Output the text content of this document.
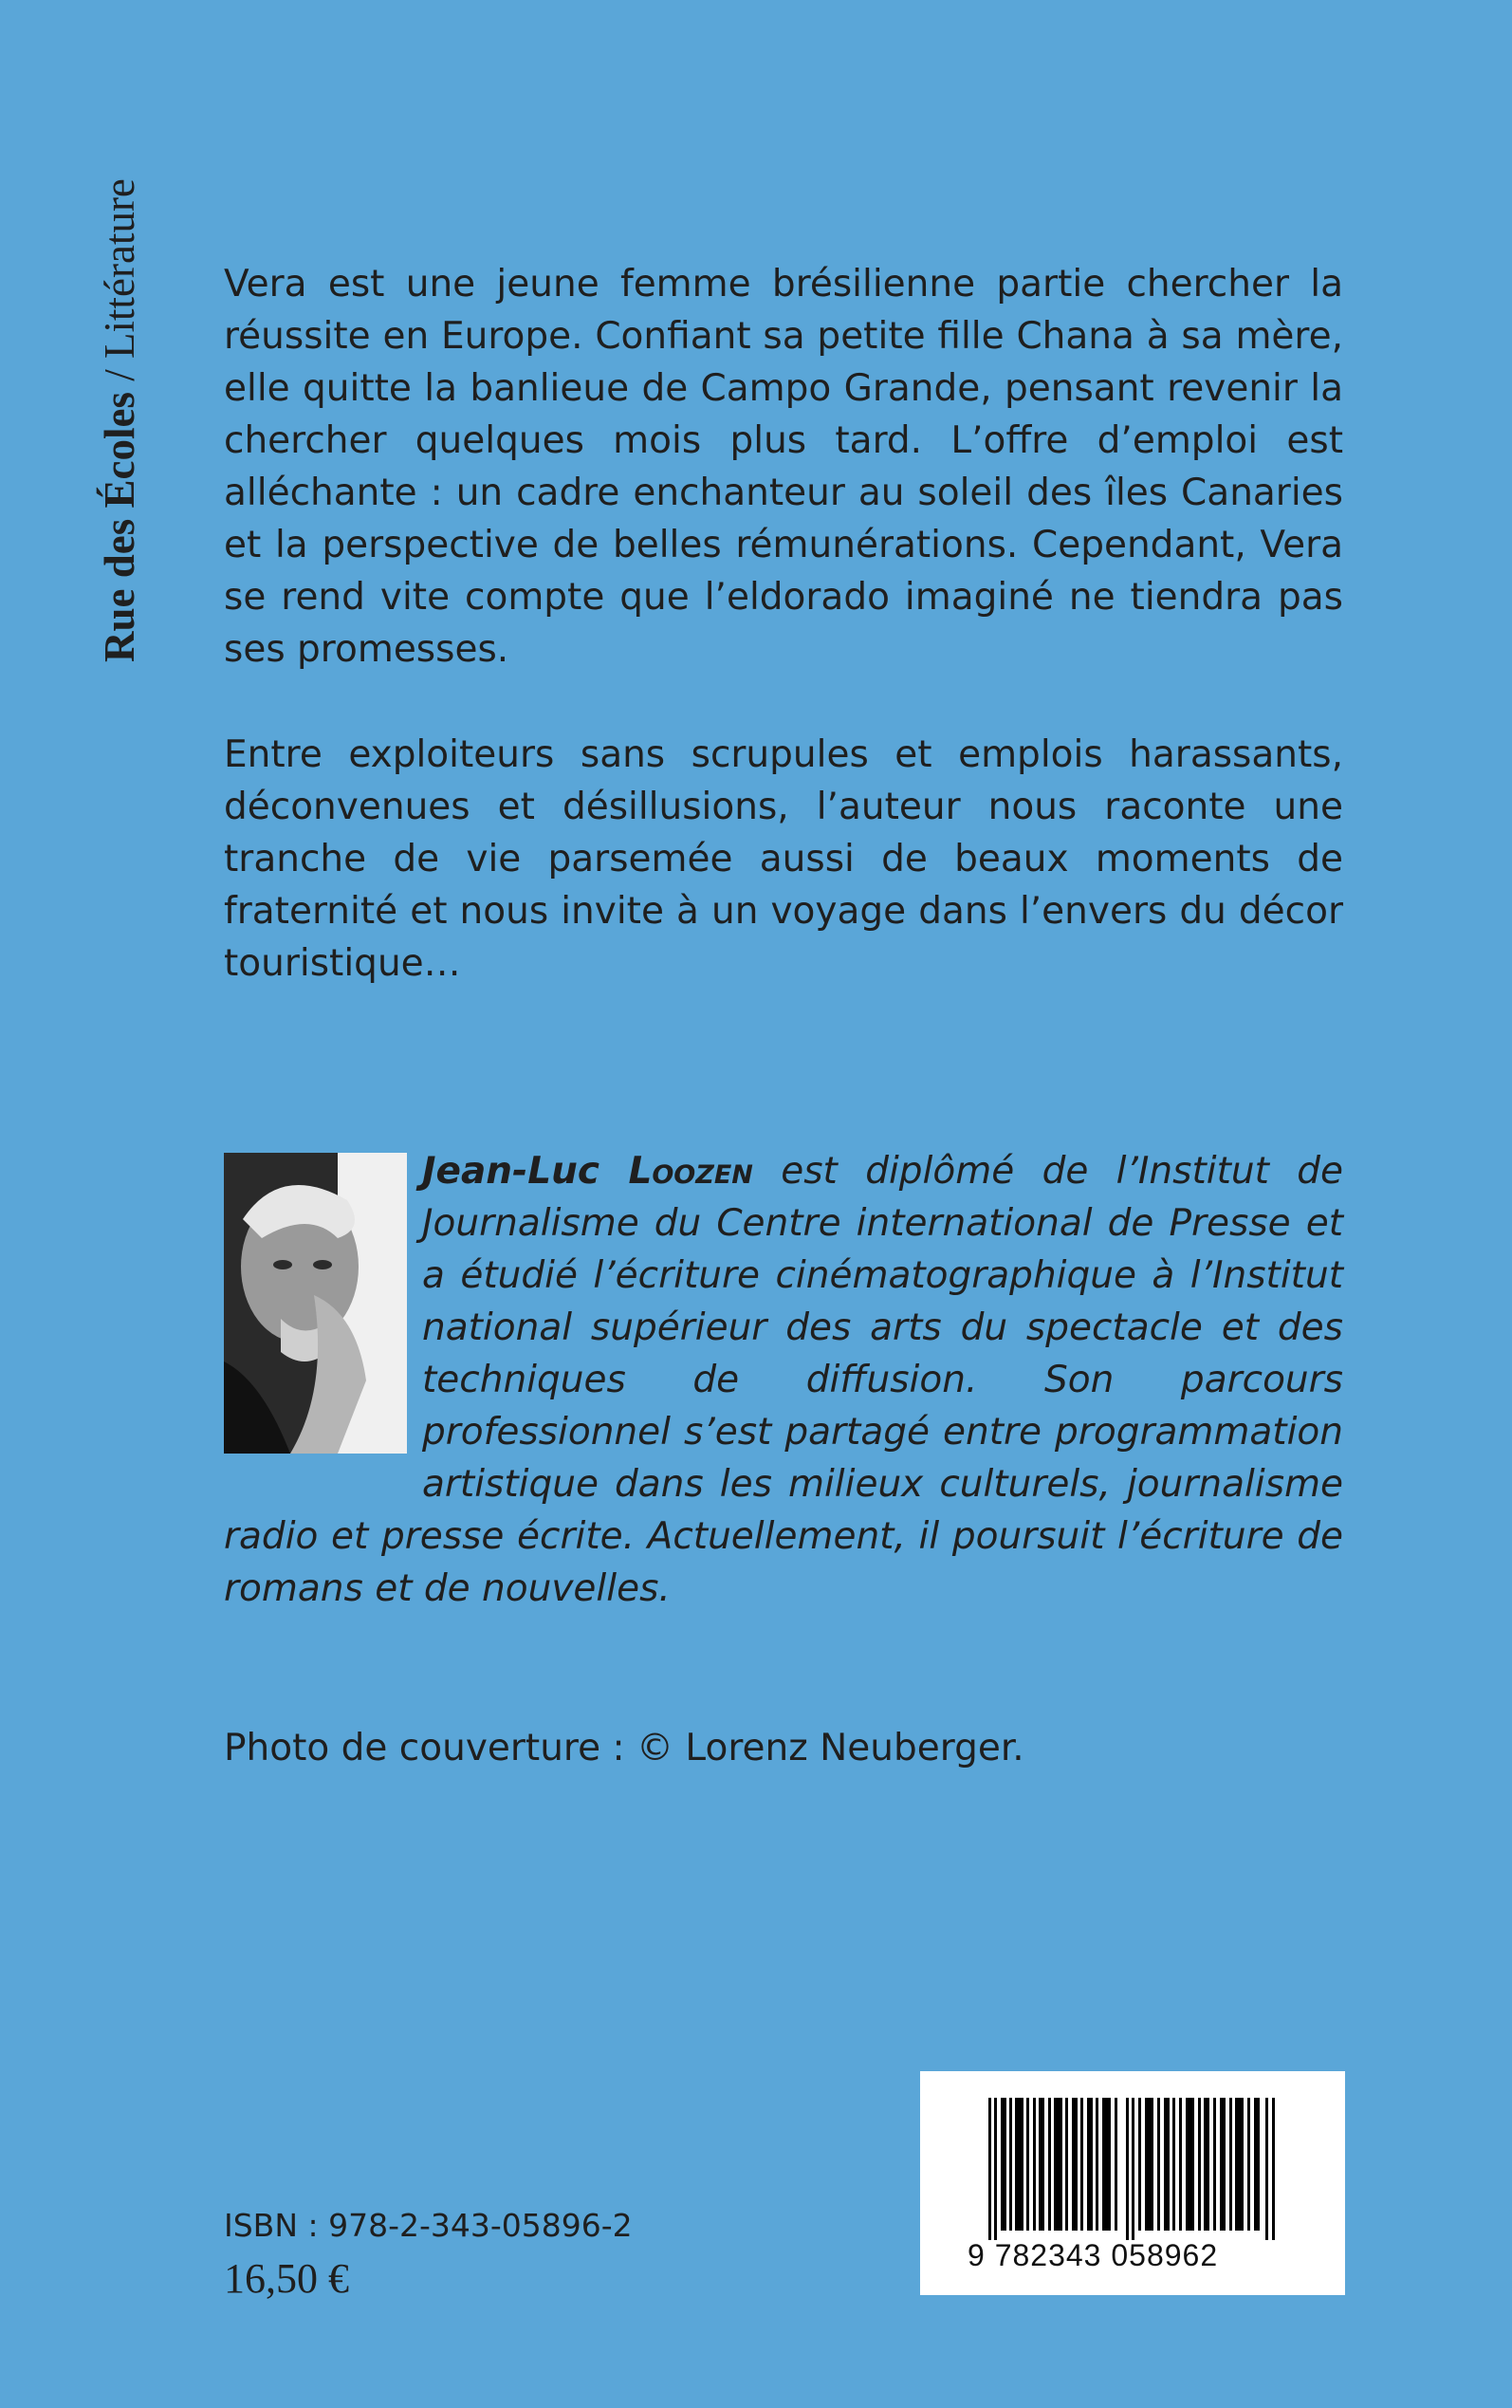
Rue des Écoles / Littérature Vera est une jeune femme brésilienne partie chercher la réussite en Europe. Confiant sa petite fille Chana à sa mère, elle quitte la banlieue de Campo Grande, pensant revenir la chercher quelques mois plus tard. L’offre d’emploi est alléchante : un cadre enchanteur au soleil des îles Canaries et la perspective de belles rémunérations. Cependant, Vera se rend vite compte que l’eldorado imaginé ne tiendra pas ses promesses.

Entre exploiteurs sans scrupules et emplois harassants, déconvenues et désillusions, l’auteur nous raconte une tranche de vie parsemée aussi de beaux moments de fraternité et nous invite à un voyage dans l’envers du décor touristique…

Jean-Luc Loozen est diplômé de l’Institut de Journalisme du Centre international de Presse et a étudié l’écriture cinématographique à l’Institut national supérieur des arts du spectacle et des techniques de diffusion. Son parcours professionnel s’est partagé entre programmation artistique dans les milieux culturels, journalisme radio et presse écrite. Actuellement, il poursuit l’écriture de romans et de nouvelles.

Photo de couverture : © Lorenz Neuberger.

9 782343 058962

ISBN : 978-2-343-05896-2

16,50 €
